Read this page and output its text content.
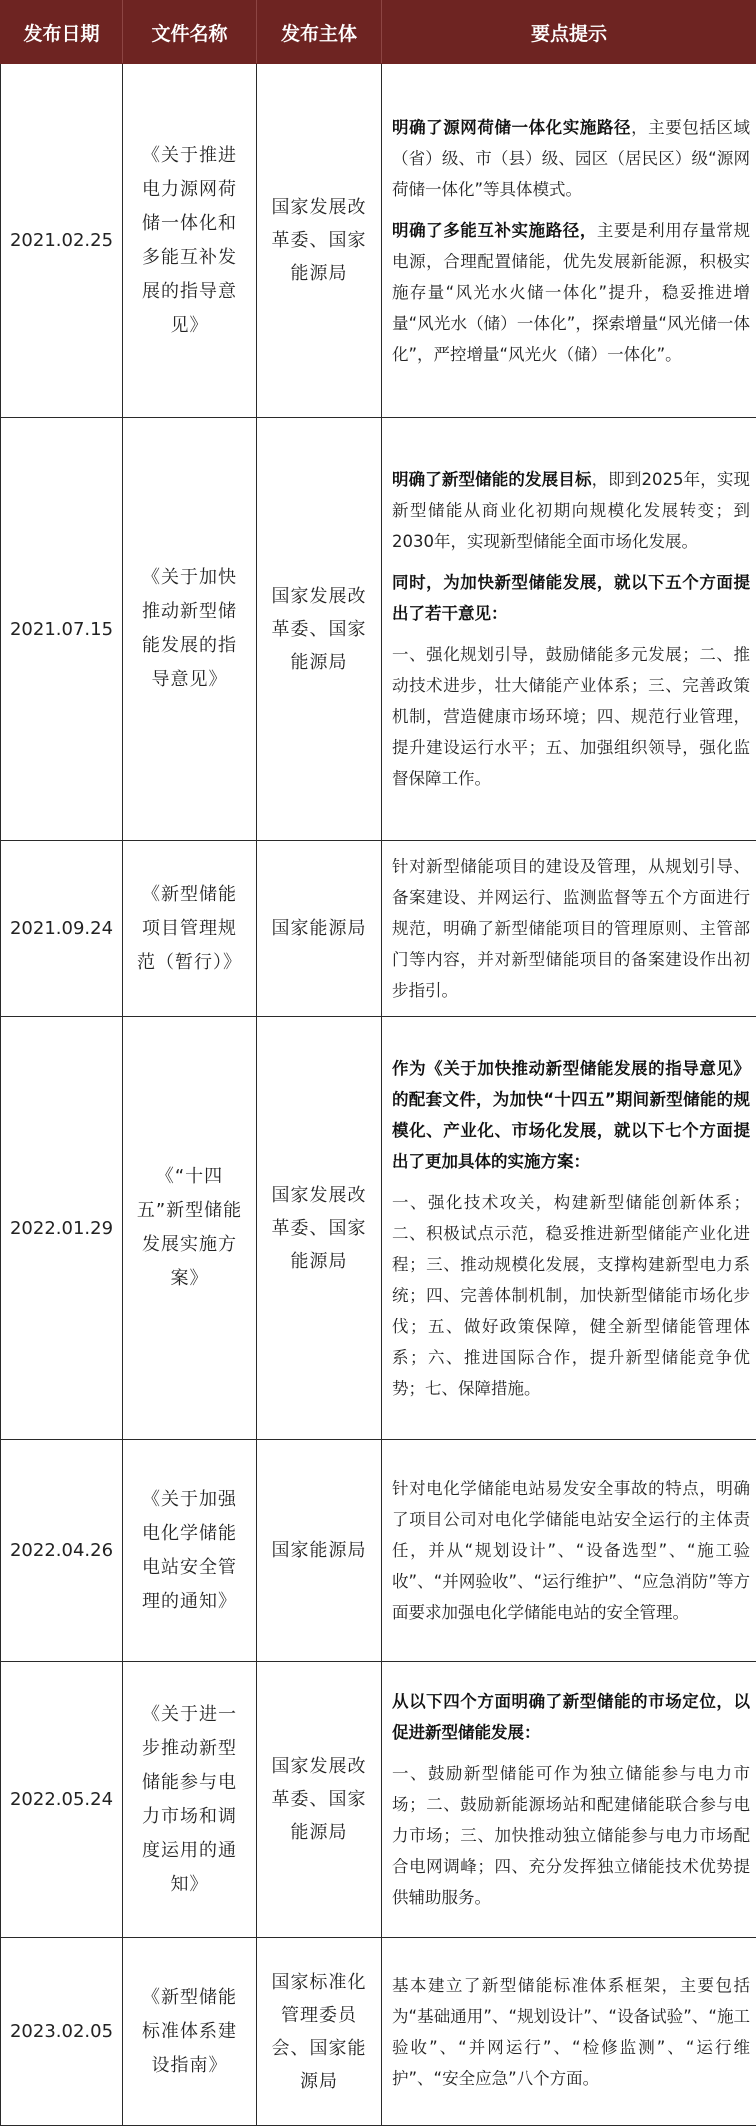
发布日期	文件名称	发布主体	要点提示
2021.02.25	《关于推进电力源网荷储一体化和多能互补发展的指导意见》	国家发展改革委、国家能源局	明确了源网荷储一体化实施路径，主要包括区域（省）级、市（县）级、园区（居民区）级“源网荷储一体化”等具体模式。

明确了多能互补实施路径，主要是利用存量常规电源，合理配置储能，优先发展新能源，积极实施存量“风光水火储一体化”提升，稳妥推进增量“风光水（储）一体化”，探索增量“风光储一体化”，严控增量“风光火（储）一体化”。

2021.07.15	《关于加快推动新型储能发展的指导意见》	国家发展改革委、国家能源局	明确了新型储能的发展目标，即到2025年，实现新型储能从商业化初期向规模化发展转变；到2030年，实现新型储能全面市场化发展。

同时，为加快新型储能发展，就以下五个方面提出了若干意见：

一、强化规划引导，鼓励储能多元发展；二、推动技术进步，壮大储能产业体系；三、完善政策机制，营造健康市场环境；四、规范行业管理，提升建设运行水平；五、加强组织领导，强化监督保障工作。

2021.09.24	《新型储能项目管理规范（暂行）》	国家能源局	针对新型储能项目的建设及管理，从规划引导、备案建设、并网运行、监测监督等五个方面进行规范，明确了新型储能项目的管理原则、主管部门等内容，并对新型储能项目的备案建设作出初步指引。

2022.01.29	《“十四五”新型储能发展实施方案》	国家发展改革委、国家能源局	作为《关于加快推动新型储能发展的指导意见》的配套文件，为加快“十四五”期间新型储能的规模化、产业化、市场化发展，就以下七个方面提出了更加具体的实施方案：

一、强化技术攻关，构建新型储能创新体系；二、积极试点示范，稳妥推进新型储能产业化进程；三、推动规模化发展，支撑构建新型电力系统；四、完善体制机制，加快新型储能市场化步伐；五、做好政策保障，健全新型储能管理体系；六、推进国际合作，提升新型储能竞争优势；七、保障措施。

2022.04.26	《关于加强电化学储能电站安全管理的通知》	国家能源局	针对电化学储能电站易发安全事故的特点，明确了项目公司对电化学储能电站安全运行的主体责任，并从“规划设计”、“设备选型”、“施工验收”、“并网验收”、“运行维护”、“应急消防”等方面要求加强电化学储能电站的安全管理。

2022.05.24	《关于进一步推动新型储能参与电力市场和调度运用的通知》	国家发展改革委、国家能源局	从以下四个方面明确了新型储能的市场定位，以促进新型储能发展：

一、鼓励新型储能可作为独立储能参与电力市场；二、鼓励新能源场站和配建储能联合参与电力市场；三、加快推动独立储能参与电力市场配合电网调峰；四、充分发挥独立储能技术优势提供辅助服务。

2023.02.05	《新型储能标准体系建设指南》	国家标准化管理委员会、国家能源局	基本建立了新型储能标准体系框架，主要包括为“基础通用”、“规划设计”、“设备试验”、“施工验收”、“并网运行”、“检修监测”、“运行维护”、“安全应急”八个方面。
